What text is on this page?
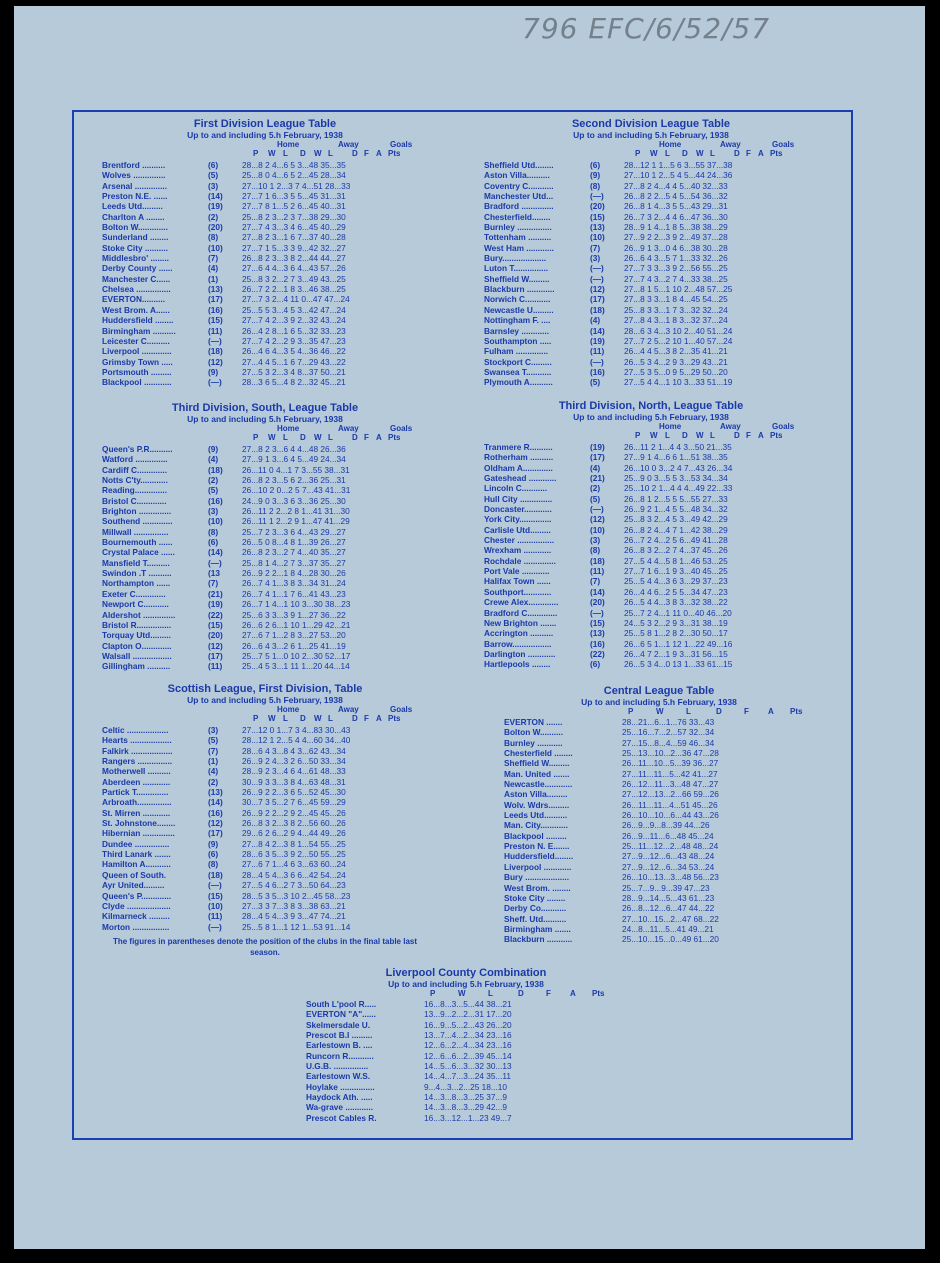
796 EFC/6/52/57
First Division League Table
Up to and including 5.h February, 1938
Home	Away	Goals
P W L D W L D F A Pts
Brentford ..........	(6)	28...8 2 4...6 5 3...48 35...35
Wolves ..............	(5)	25...8 0 4...6 5 2...45 28...34
Arsenal ..............	(3)	27...10 1 2...3 7 4...51 28...33
Preston N.E. ......	(14) 27...7 1 6...3 5 5...45 31...31
Leeds Utd.........	(19) 27...7 8 1...5 2 6...45 40...31
Charlton A ........	(2)	25...8 2 3...2 3 7...38 29...30
Bolton W.............	(20) 27...7 4 3...3 4 6...45 40...29
Sunderland ........	(8)	27...8 2 3...1 6 7...37 40...28
Stoke City ..........	(10) 27...7 1 5...3 3 9...42 32...27
Middlesbro' ........	(7)	26...8 2 3...3 8 2...44 44...27
Derby County ......	(4)	27...6 4 4...3 6 4...43 57...26
Manchester C......	(1)	25...8 3 2...2 7 3...49 43...25
Chelsea ...............	(13) 26...7 2 2...1 8 3...46 38...25
EVERTON..........	(17) 27...7 3 2...4 11 0...47 47...24
West Brom. A......	(16) 25...5 5 3...4 5 3...42 47...24
Huddersfield ........	(15) 27...7 4 2...3 9 2...32 43...24
Birmingham ..........	(11) 26...4 2 8...1 6 5...32 33...23
Leicester C..........	(—) 27...7 4 2...2 9 3...35 47...23
Liverpool .............	(18) 26...4 6 4...3 5 4...36 46...22
Grimsby Town .....	(12) 27...4 4 5...1 6 7...29 43...22
Portsmouth .........	(9)	27...5 3 2...3 4 8...37 50...21
Blackpool ............	(—) 28...3 6 5...4 8 2...32 45...21
Second Division League Table
Up to and including 5.h February, 1938
Home	Away	Goals
P W L D W L D F A Pts
Sheffield Utd........	(6)	28...12 1 1...5 6 3...55 37...38
Aston Villa..........	(9)	27...10 1 2...5 4 5...44 24...36
Coventry C...........	(8)	27...8 2 4...4 4 5...40 32...33
Manchester Utd...	(—) 26...8 2 2...5 4 5...54 36...32
Bradford ..............	(20) 26...8 1 4...3 5 5...43 29...31
Chesterfield........	(15) 26...7 3 2...4 4 6...47 36...30
Burnley ...............	(13) 28...9 1 4...1 8 5...38 38...29
Tottenham ..........	(10) 27...9 2 2...3 9 2...49 37...28
West Ham ............	(7)	26...9 1 3...0 4 6...38 30...28
Bury...................	(3)	26...6 4 3...5 7 1...33 32...26
Luton T...............	(—) 27...7 3 3...3 9 2...56 55...25
Sheffield W.........	(—) 27...7 4 3...2 7 4...33 38...25
Blackburn ............	(12) 27...8 1 5...1 10 2...48 57...25
Norwich C...........	(17) 27...8 3 3...1 8 4...45 54...25
Newcastle U.........	(18) 25...8 3 3...1 7 3...32 32...24
Nottingham F. ....	(4)	27...8 4 3...1 8 3...32 37...24
Barnsley ............	(14) 28...6 3 4...3 10 2...40 51...24
Southampton .....	(19) 27...7 2 5...2 10 1...40 57...24
Fulham ..............	(11) 26...4 4 5...3 8 2...35 41...21
Stockport C.........	(—) 26...5 3 4...2 9 3...29 43...21
Swansea T...........	(16) 27...5 3 5...0 9 5...29 50...20
Plymouth A..........	(5)	27...5 4 4...1 10 3...33 51...19
Third Division, South, League Table
Up to and including 5.h February, 1938
Home	Away	Goals
P W L D W L D F A Pts
Queen's P.R..........	(9)	27...8 2 3...6 4 4...48 26...36
Watford ..............	(4)	27...9 1 3...6 4 5...49 24...34
Cardiff C.............	(18) 26...11 0 4...1 7 3...55 38...31
Notts C'ty............	(2)	26...8 2 3...5 6 2...36 25...31
Reading..............	(5)	26...10 2 0...2 5 7...43 41...31
Bristol C.............	(16) 24...9 0 3...3 6 3...36 25...30
Brighton ..............	(3)	26...11 2 2...2 8 1...41 31...30
Southend .............	(10) 26...11 1 2...2 9 1...47 41...29
Millwall ...............	(8)	25...7 2 3...3 6 4...43 29...27
Bournemouth ......	(6)	26...5 0 8...4 8 1...39 26...27
Crystal Palace ......	(14) 26...8 2 3...2 7 4...40 35...27
Mansfield T..........	(—) 25...8 1 4...2 7 3...37 35...27
Swindon .T ..........	(13	26...9 2 2...1 8 4...28 30...26
Northampton ......	(7)	26...7 4 1...3 8 3...34 31...24
Exeter C.............	(21) 26...7 4 1...1 7 6...41 43...23
Newport C...........	(19) 26...7 1 4...1 10 3...30 38...23
Aldershot ..............	(22) 25...6 3 3...3 9 1...27 36...22
Bristol R...............	(15) 26...6 2 6...1 10 1...29 42...21
Torquay Utd.........	(20) 27...6 7 1...2 8 3...27 53...20
Clapton O.............	(12) 26...6 4 3...2 6 1...25 41...19
Walsall .................	(17) 25...7 5 1...0 10 2...30 52...17
Gillingham ..........	(11) 25...4 5 3...1 11 1...20 44...14
Third Division, North, League Table
Up to and including 5.h February, 1938
Home	Away	Goals
P W L D W L D F A Pts
Tranmere R..........	(19) 26...11 2 1...4 4 3...50 21...35
Rotherham ..........	(17) 27...9 1 4...6 6 1...51 38...35
Oldham A.............	(4)	26...10 0 3...2 4 7...43 26...34
Gateshead ............	(21) 25...9 0 3...5 5 3...53 34...34
Lincoln C...........	(2)	25...10 2 1...4 4 4...49 22...33
Hull City ..............	(5)	26...8 1 2...5 5 5...55 27...33
Doncaster............	(—) 26...9 2 1...4 5 5...48 34...32
York City..............	(12) 25...8 3 2...4 5 3...49 42...29
Carlisle Utd.........	(10) 26...8 2 4...4 7 1...42 38...29
Chester ................	(3)	26...7 2 4...2 5 6...49 41...28
Wrexham ............	(8)	26...8 3 2...2 7 4...37 45...26
Rochdale ..............	(18) 27...5 4 4...5 8 1...46 53...25
Port Vale ............	(11) 27...7 1 6...1 9 3...40 45...25
Halifax Town ......	(7)	25...5 4 4...3 6 3...29 37...23
Southport............	(14) 26...4 4 6...2 5 5...34 47...23
Crewe Alex.............	(20) 26...5 4 4...3 8 3...32 38...22
Bradford C.............	(—) 25...7 2 4...1 11 0...40 46...20
New Brighton .......	(15) 24...5 3 2...2 9 3...31 38...19
Accrington ..........	(13) 25...5 8 1...2 8 2...30 50...17
Barrow.................	(16) 26...6 5 1...1 12 1...22 49...16
Darlington ............	(22) 26...4 7 2...1 9 3...31 56...15
Hartlepools ........	(6)	26...5 3 4...0 13 1...33 61...15
Scottish League, First Division, Table
Up to and including 5.h February, 1938
Home	Away	Goals
P W L D W L D F A Pts
Celtic ..................	(3)	27...12 0 1...7 3 4...83 30...43
Hearts ..................	(5)	28...12 1 2...5 4 4...60 34...40
Falkirk ..................	(7)	28...6 4 3...8 4 3...62 43...34
Rangers ...............	(1)	26...9 2 4...3 2 6...50 33...34
Motherwell ..........	(4)	28...9 2 3...4 6 4...61 48...33
Aberdeen ............	(2)	30...9 3 3...3 8 4...63 48...31
Partick T..............	(13) 26...9 2 2...3 6 5...52 45...30
Arbroath...............	(14) 30...7 3 5...2 7 6...45 59...29
St. Mirren ............	(16) 26...9 2 2...2 9 2...45 45...26
St. Johnstone........	(12) 26...8 3 2...3 8 2...56 60...26
Hibernian ..............	(17) 29...6 2 6...2 9 4...44 49...26
Dundee ...............	(9)	27...8 4 2...3 8 1...54 55...25
Third Lanark .......	(6)	28...6 3 5...3 9 2...50 55...25
Hamilton A...........	(8)	27...6 7 1...4 6 3...63 60...24
Queen of South.	(18) 28...4 5 4...3 6 6...42 54...24
Ayr United.........	(—) 27...5 4 6...2 7 3...50 64...23
Queen's P.............	(15) 28...5 3 5...3 10 2...45 58...23
Clyde ...................	(10) 27...3 3 7...3 8 3...38 63...21
Kilmarneck .........	(11) 28...4 5 4...3 9 3...47 74...21
Morton ................	(—) 25...5 8 1...1 12 1...53 91...14
The figures in parentheses denote the position of the clubs in the final table last season.
Central League Table
Up to and including 5.h February, 1938
P	W	L	D	F A Pts
EVERTON .......	28...21...6...1...76 33...43
Bolton W..........	25...16...7...2...57 32...34
Burnley ...........	27...15...8...4...59 46...34
Chesterfield ........	25...13...10...2...36 47...28
Sheffield W.........	26...11...10...5...39 36...27
Man. United .......	27...11...11...5...42 41...27
Newcastle............	26...12...11...3...48 47...27
Aston Villa.........	27...12...13...2...66 59...26
Wolv. Wdrs.........	26...11...11...4...51 45...26
Leeds Utd..........	26...10...10...6...44 43...26
Man. City............	26...9...9...8...39 44...26
Blackpool .........	26...9...11...6...48 45...24
Preston N. E.......	25...11...12...2...48 48...24
Huddersfield........	27...9...12...6...43 48...24
Liverpool ............	27...9...12...6...34 53...24
Bury ...................	26...10...13...3...48 56...23
West Brom. ........	25...7...9...9...39 47...23
Stoke City ........	28...9...14...5...43 61...23
Derby Co...........	26...8...12...6...47 44...22
Sheff. Utd..........	27...10...15...2...47 68...22
Birmingham .......	24...8...11...5...41 49...21
Blackburn ...........	25...10...15...0...49 61...20
Liverpool County Combination
Up to and including 5.h February, 1938
P	W	L	D	F A Pts
South L'pool R.....	16...8...3...5...44 38...21
EVERTON "A"......	13...9...2...2...31 17...20
Skelmersdale U.	16...9...5...2...43 26...20
Prescot B.I .........	13...7...4...2...34 23...16
Earlestown B. ....	12...6...2...4...34 23...16
Runcorn R...........	12...6...6...2...39 45...14
U.G.B. ...............	14...5...6...3...32 30...13
Earlestown W.S.	14...4...7...3...24 35...11
Hoylake ...............	9...4...3...2...25 18...10
Haydock Ath. .....	14...3...8...3...25 37...9
Wa-grave ............	14...3...8...3...29 42...9
Prescot Cables R.	16...3...12...1...23 49...7
